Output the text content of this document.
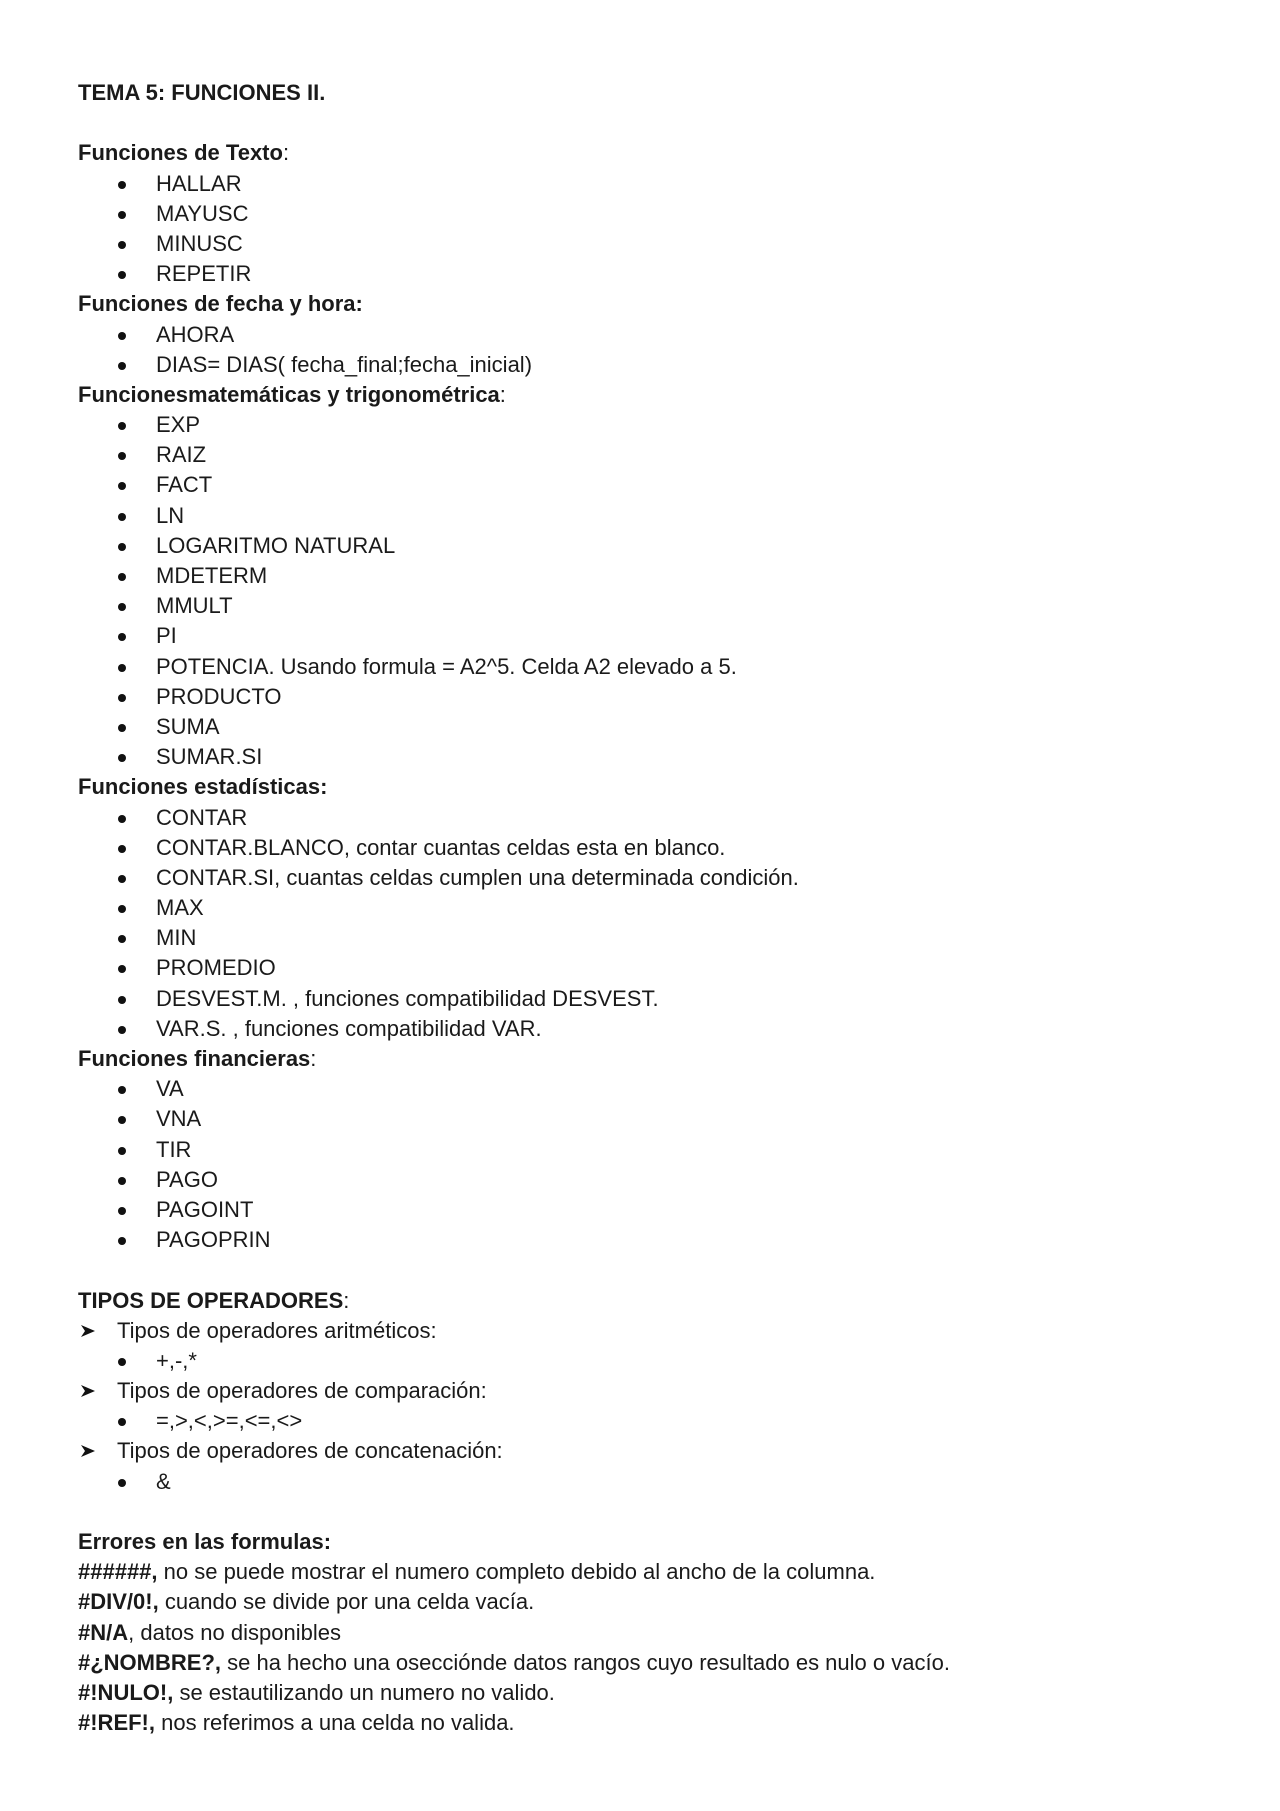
TEMA 5: FUNCIONES II.
Funciones de Texto:
HALLAR
MAYUSC
MINUSC
REPETIR
Funciones de fecha y hora:
AHORA
DIAS= DIAS( fecha_final;fecha_inicial)
Funcionesmatemáticas y trigonométrica:
EXP
RAIZ
FACT
LN
LOGARITMO NATURAL
MDETERM
MMULT
PI
POTENCIA. Usando formula = A2^5. Celda A2 elevado a 5.
PRODUCTO
SUMA
SUMAR.SI
Funciones estadísticas:
CONTAR
CONTAR.BLANCO, contar cuantas celdas esta en blanco.
CONTAR.SI, cuantas celdas cumplen una determinada condición.
MAX
MIN
PROMEDIO
DESVEST.M. , funciones compatibilidad DESVEST.
VAR.S. , funciones compatibilidad VAR.
Funciones financieras:
VA
VNA
TIR
PAGO
PAGOINT
PAGOPRIN
TIPOS DE OPERADORES:
Tipos de operadores aritméticos:
+,-,*
Tipos de operadores de comparación:
=,>,<,>=,<=,<>
Tipos de operadores de concatenación:
&
Errores en las formulas:
######, no se puede mostrar el numero completo debido al ancho de la columna.
#DIV/0!, cuando se divide por una celda vacía.
#N/A, datos no disponibles
#¿NOMBRE?, se ha hecho una osecciónde datos rangos cuyo resultado es nulo o vacío.
#!NULO!, se estautilizando un numero no valido.
#!REF!, nos referimos a una celda no valida.
